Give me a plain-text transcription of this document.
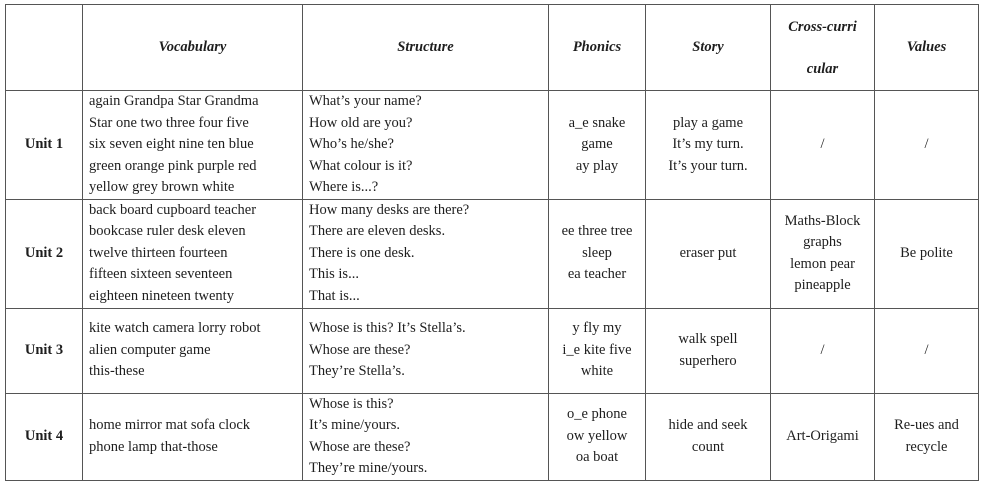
	Vocabulary	Structure	Phonics	Story	Cross-curri
cular	Values
Unit 1	again Grandpa Star Grandma
Star one two three four five
six seven eight nine ten blue
green orange pink purple red
yellow grey brown white	What’s your name?
How old are you?
Who’s he/she?
What colour is it?
Where is...?	a_e snake
game
ay play	play a game
It’s my turn.
It’s your turn.	/	/

Unit 2	back board cupboard teacher
bookcase ruler desk eleven
twelve thirteen fourteen
fifteen sixteen seventeen
eighteen nineteen twenty	How many desks are there?
There are eleven desks.
There is one desk.
This is...
That is...	ee three tree
sleep
ea teacher	eraser put	Maths-Block
graphs
lemon pear
pineapple	Be polite

Unit 3	kite watch camera lorry robot
alien computer game
this-these	Whose is this? It’s Stella’s.
Whose are these?
They’re Stella’s.	y fly my
i_e kite five
white	walk spell
superhero	/	/

Unit 4	home mirror mat sofa clock
phone lamp that-those	Whose is this?
It’s mine/yours.
Whose are these?
They’re mine/yours.	o_e phone
ow yellow
oa boat	hide and seek
count	Art-Origami	Re-ues and
recycle
